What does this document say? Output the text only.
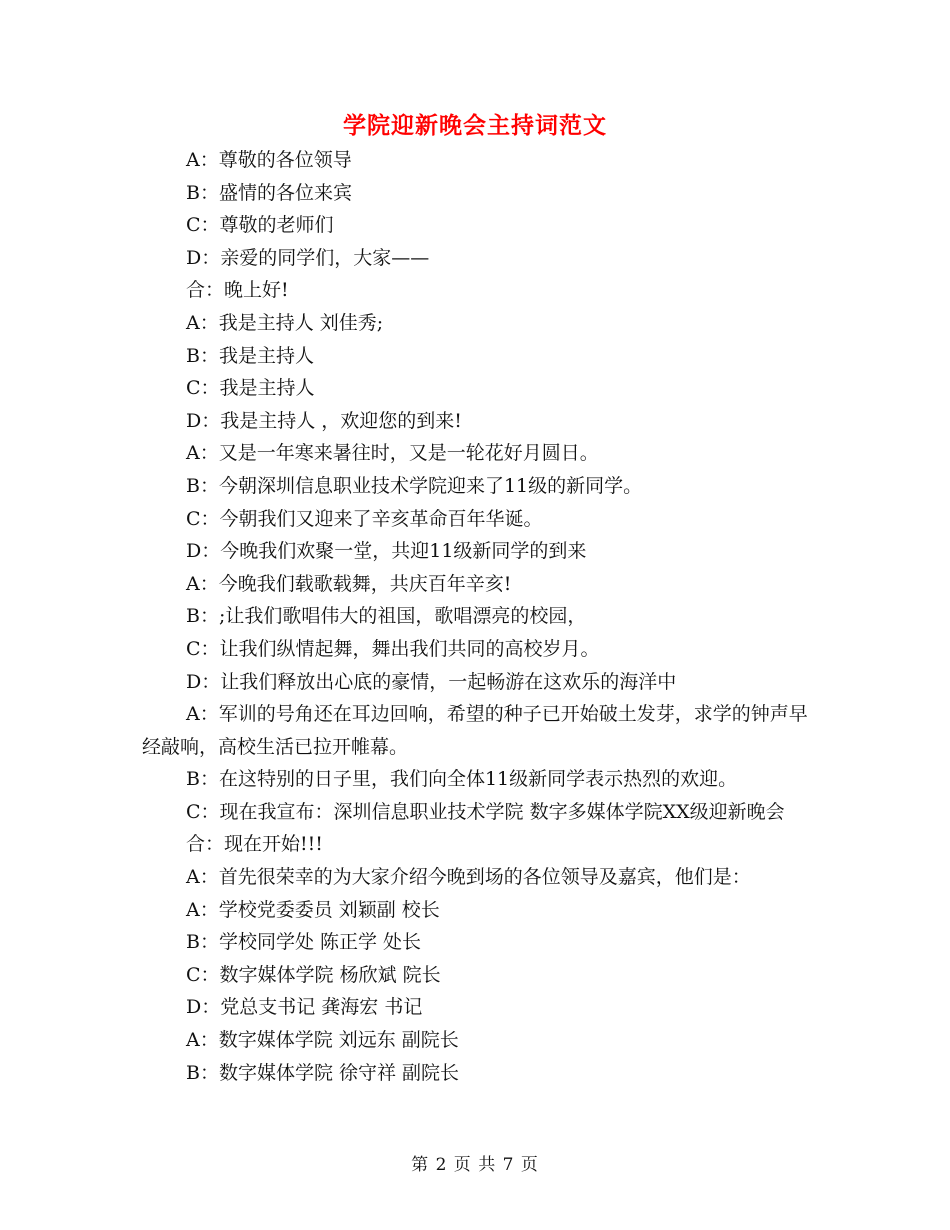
学院迎新晚会主持词范文

A：尊敬的各位领导

B：盛情的各位来宾

C：尊敬的老师们

D：亲爱的同学们，大家——

合：晚上好!

A：我是主持人 刘佳秀;

B：我是主持人

C：我是主持人

D：我是主持人 ，欢迎您的到来!

A：又是一年寒来暑往时，又是一轮花好月圆日。

B：今朝深圳信息职业技术学院迎来了11级的新同学。

C：今朝我们又迎来了辛亥革命百年华诞。

D：今晚我们欢聚一堂，共迎11级新同学的到来

A：今晚我们载歌载舞，共庆百年辛亥!

B：;让我们歌唱伟大的祖国，歌唱漂亮的校园，

C：让我们纵情起舞，舞出我们共同的高校岁月。

D：让我们释放出心底的豪情，一起畅游在这欢乐的海洋中

A：军训的号角还在耳边回响，希望的种子已开始破土发芽，求学的钟声早经敲响，高校生活已拉开帷幕。

B：在这特别的日子里，我们向全体11级新同学表示热烈的欢迎。

C：现在我宣布：深圳信息职业技术学院 数字多媒体学院XX级迎新晚会

合：现在开始!!!

A：首先很荣幸的为大家介绍今晚到场的各位领导及嘉宾，他们是：

A：学校党委委员 刘颖副 校长

B：学校同学处 陈正学 处长

C：数字媒体学院 杨欣斌 院长

D：党总支书记 龚海宏 书记

A：数字媒体学院 刘远东 副院长

B：数字媒体学院 徐守祥 副院长

第 2 页 共 7 页
